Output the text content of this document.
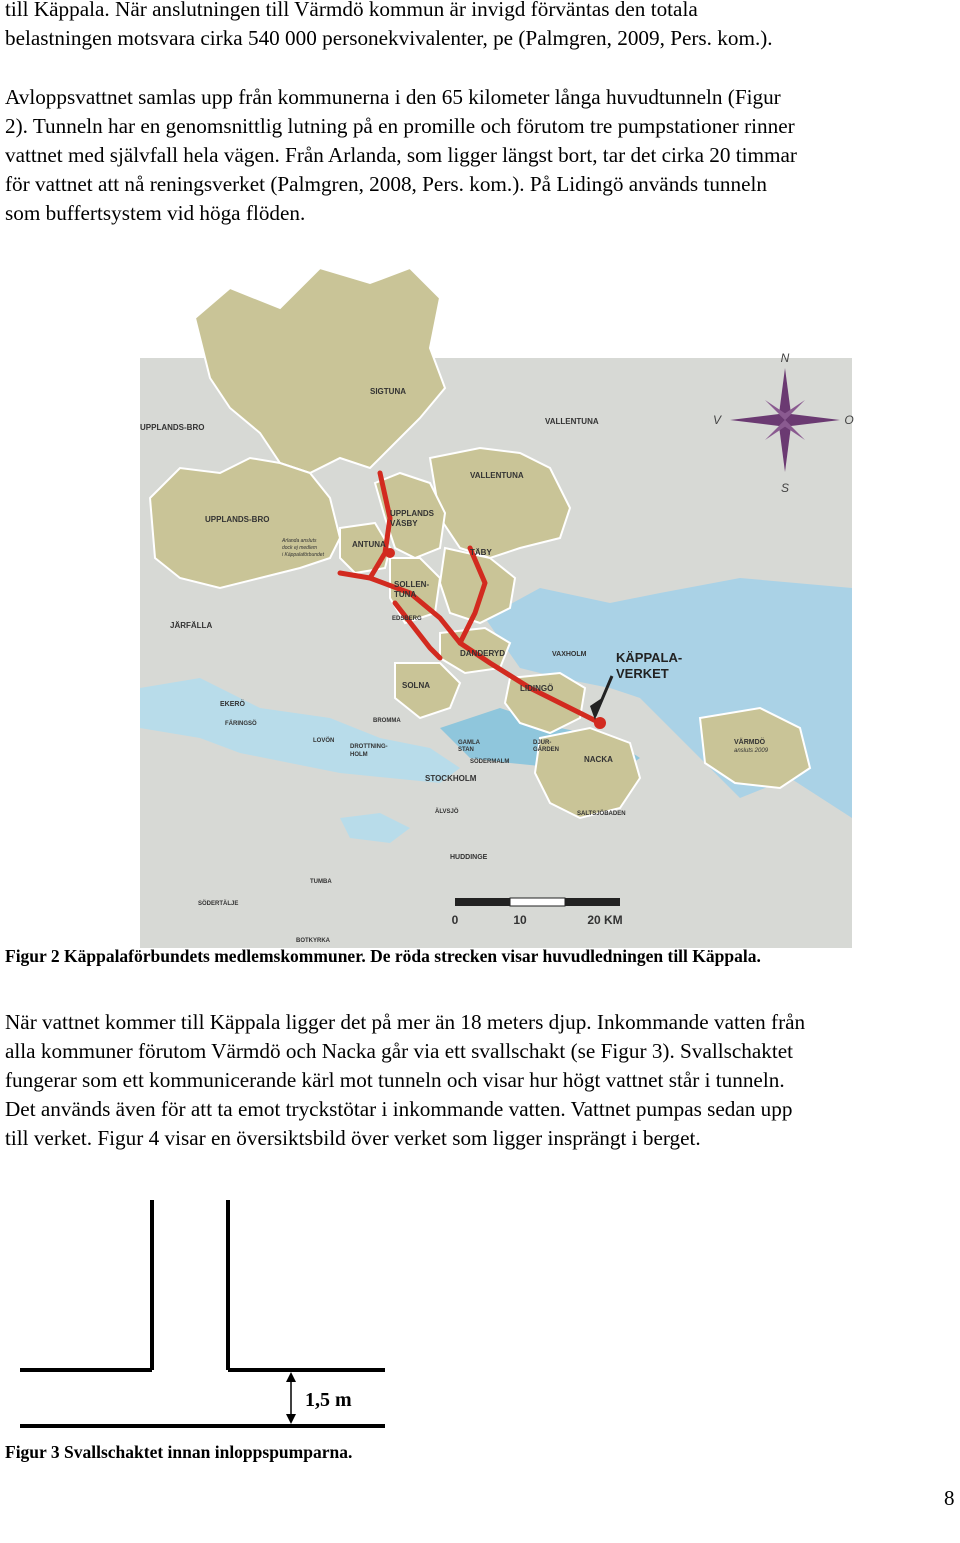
till Käppala. När anslutningen till Värmdö kommun är invigd förväntas den totala
belastningen motsvara cirka 540 000 personekvivalenter, pe (Palmgren, 2009, Pers. kom.).

Avloppsvattnet samlas upp från kommunerna i den 65 kilometer långa huvudtunneln (Figur
2). Tunneln har en genomsnittlig lutning på en promille och förutom tre pumpstationer rinner
vattnet med självfall hela vägen. Från Arlanda, som ligger längst bort, tar det cirka 20 timmar
för vattnet att nå reningsverket (Palmgren, 2008, Pers. kom.). På Lidingö används tunneln
som buffertsystem vid höga flöden.

N
S
V	O
0	10	20 KM
SIGTUNA
VALLENTUNA
UPPLANDS-BRO
VALLENTUNA
UPPLANDS-BRO
UPPLANDS
VÄSBY
ANTUNA
SOLLEN-
TUNA
TÄBY
EDSBERG
JÄRFÄLLA
DANDERYD	VAXHOLM KÄPPALA-
VERKET
SOLNA	LIDINGÖ
EKERÖ
FÄRINGSÖ	BROMMA
LOVÖN
DROTTNING-
HOLM
GAMLA
STAN
DJUR-
GÅRDEN
SÖDERMALM
STOCKHOLM
NACKA
VÄRMDÖ
ansluts 2009
ÄLVSJÖ	SALTSJÖBADEN
HUDDINGE
TUMBA
SÖDERTÄLJE
BOTKYRKA
Arlanda ansluts
dock ej medlem
i Käppalaförbundet

Figur 2 Käppalaförbundets medlemskommuner. De röda strecken visar huvudledningen till Käppala.

När vattnet kommer till Käppala ligger det på mer än 18 meters djup. Inkommande vatten från
alla kommuner förutom Värmdö och Nacka går via ett svallschakt (se Figur 3). Svallschaktet
fungerar som ett kommunicerande kärl mot tunneln och visar hur högt vattnet står i tunneln.
Det används även för att ta emot tryckstötar i inkommande vatten. Vattnet pumpas sedan upp
till verket. Figur 4 visar en översiktsbild över verket som ligger insprängt i berget.

1,5 m

Figur 3 Svallschaktet innan inloppspumparna.

8
